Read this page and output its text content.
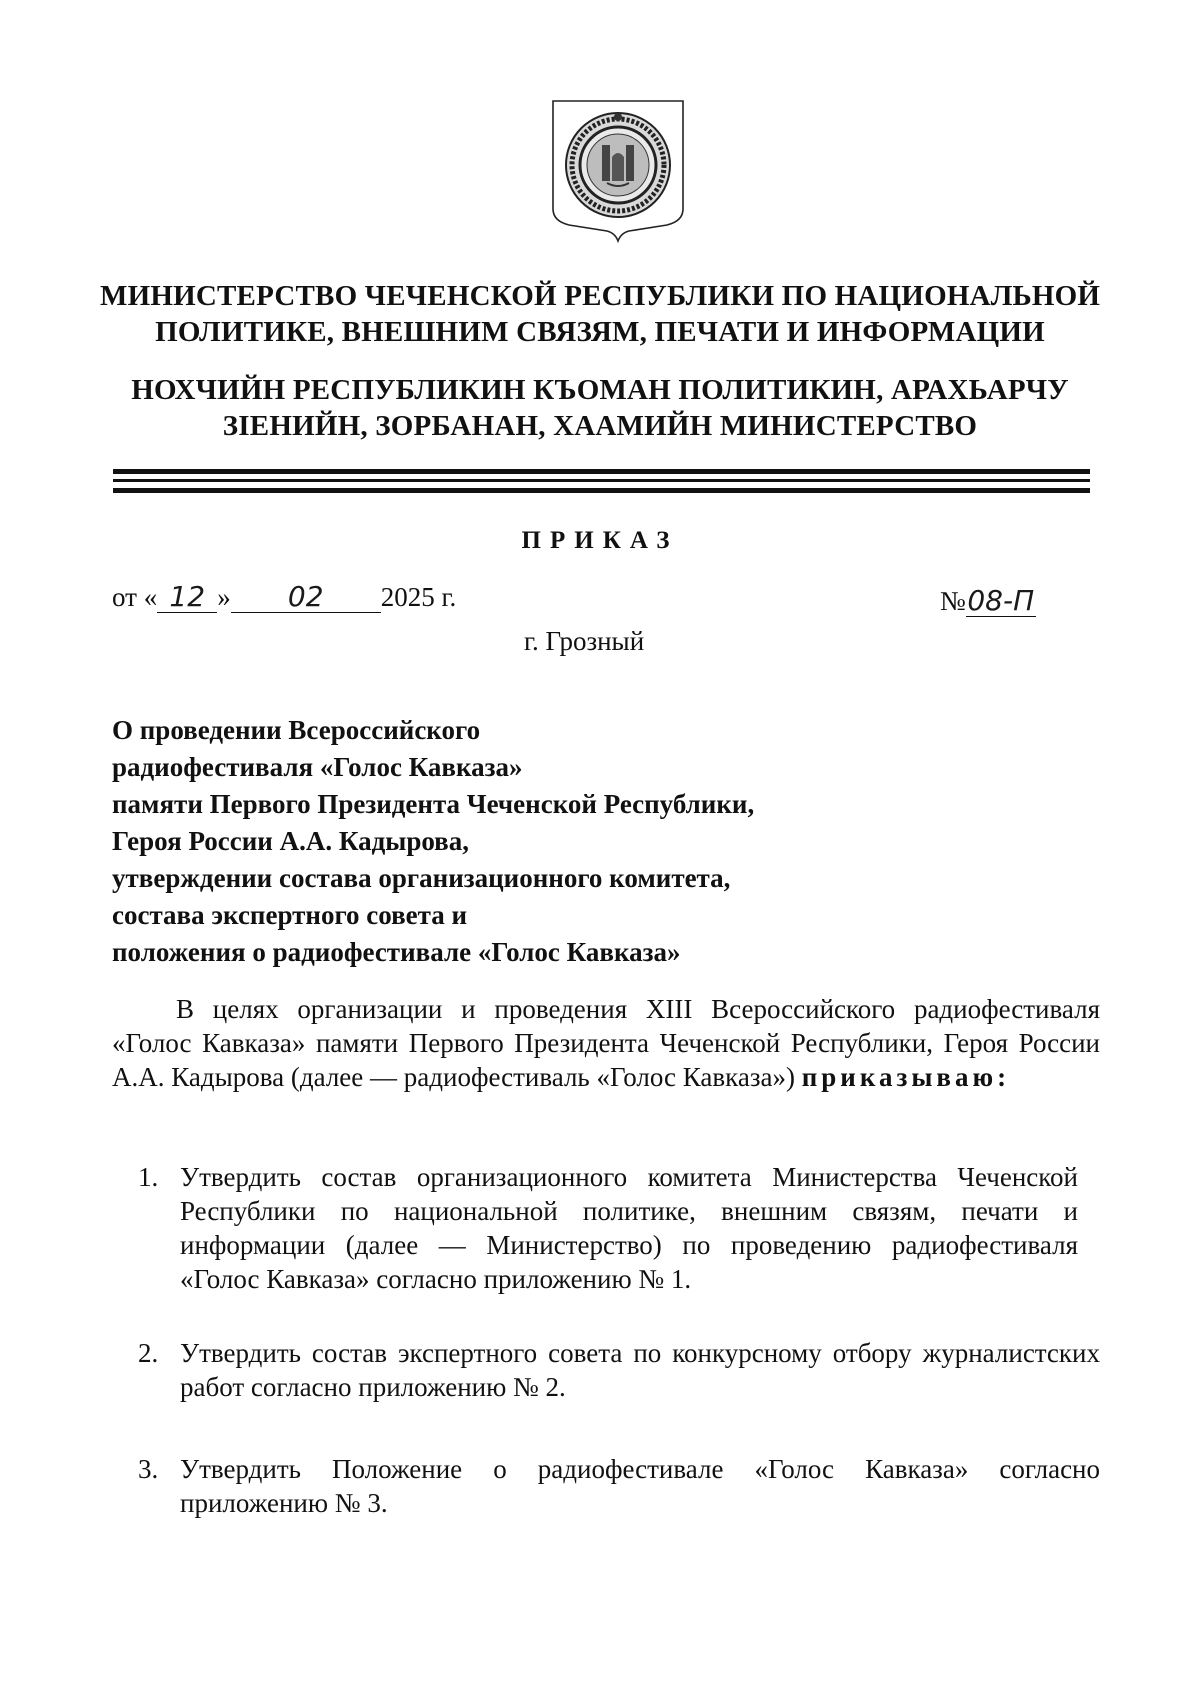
МИНИСТЕРСТВО ЧЕЧЕНСКОЙ РЕСПУБЛИКИ ПО НАЦИОНАЛЬНОЙ
ПОЛИТИКЕ, ВНЕШНИМ СВЯЗЯМ, ПЕЧАТИ И ИНФОРМАЦИИ
НОХЧИЙН РЕСПУБЛИКИН КЪОМАН ПОЛИТИКИН, АРАХЬАРЧУ
ЗIЕНИЙН, ЗОРБАНАН, ХААМИЙН МИНИСТЕРСТВО
ПРИКАЗ
от « 12 » 02 2025 г.	№08-П
г. Грозный
О проведении Всероссийского
радиофестиваля «Голос Кавказа»
памяти Первого Президента Чеченской Республики,
Героя России А.А. Кадырова,
утверждении состава организационного комитета,
состава экспертного совета и
положения о радиофестивале «Голос Кавказа»
В целях организации и проведения XIII Всероссийского радиофестиваля «Голос Кавказа» памяти Первого Президента Чеченской Республики, Героя России А.А. Кадырова (далее — радиофестиваль «Голос Кавказа») приказываю:
1. Утвердить состав организационного комитета Министерства Чеченской Республики по национальной политике, внешним связям, печати и информации (далее — Министерство) по проведению радиофестиваля «Голос Кавказа» согласно приложению № 1.
2. Утвердить состав экспертного совета по конкурсному отбору журналистских работ согласно приложению № 2.
3. Утвердить Положение о радиофестивале «Голос Кавказа» согласно приложению № 3.
